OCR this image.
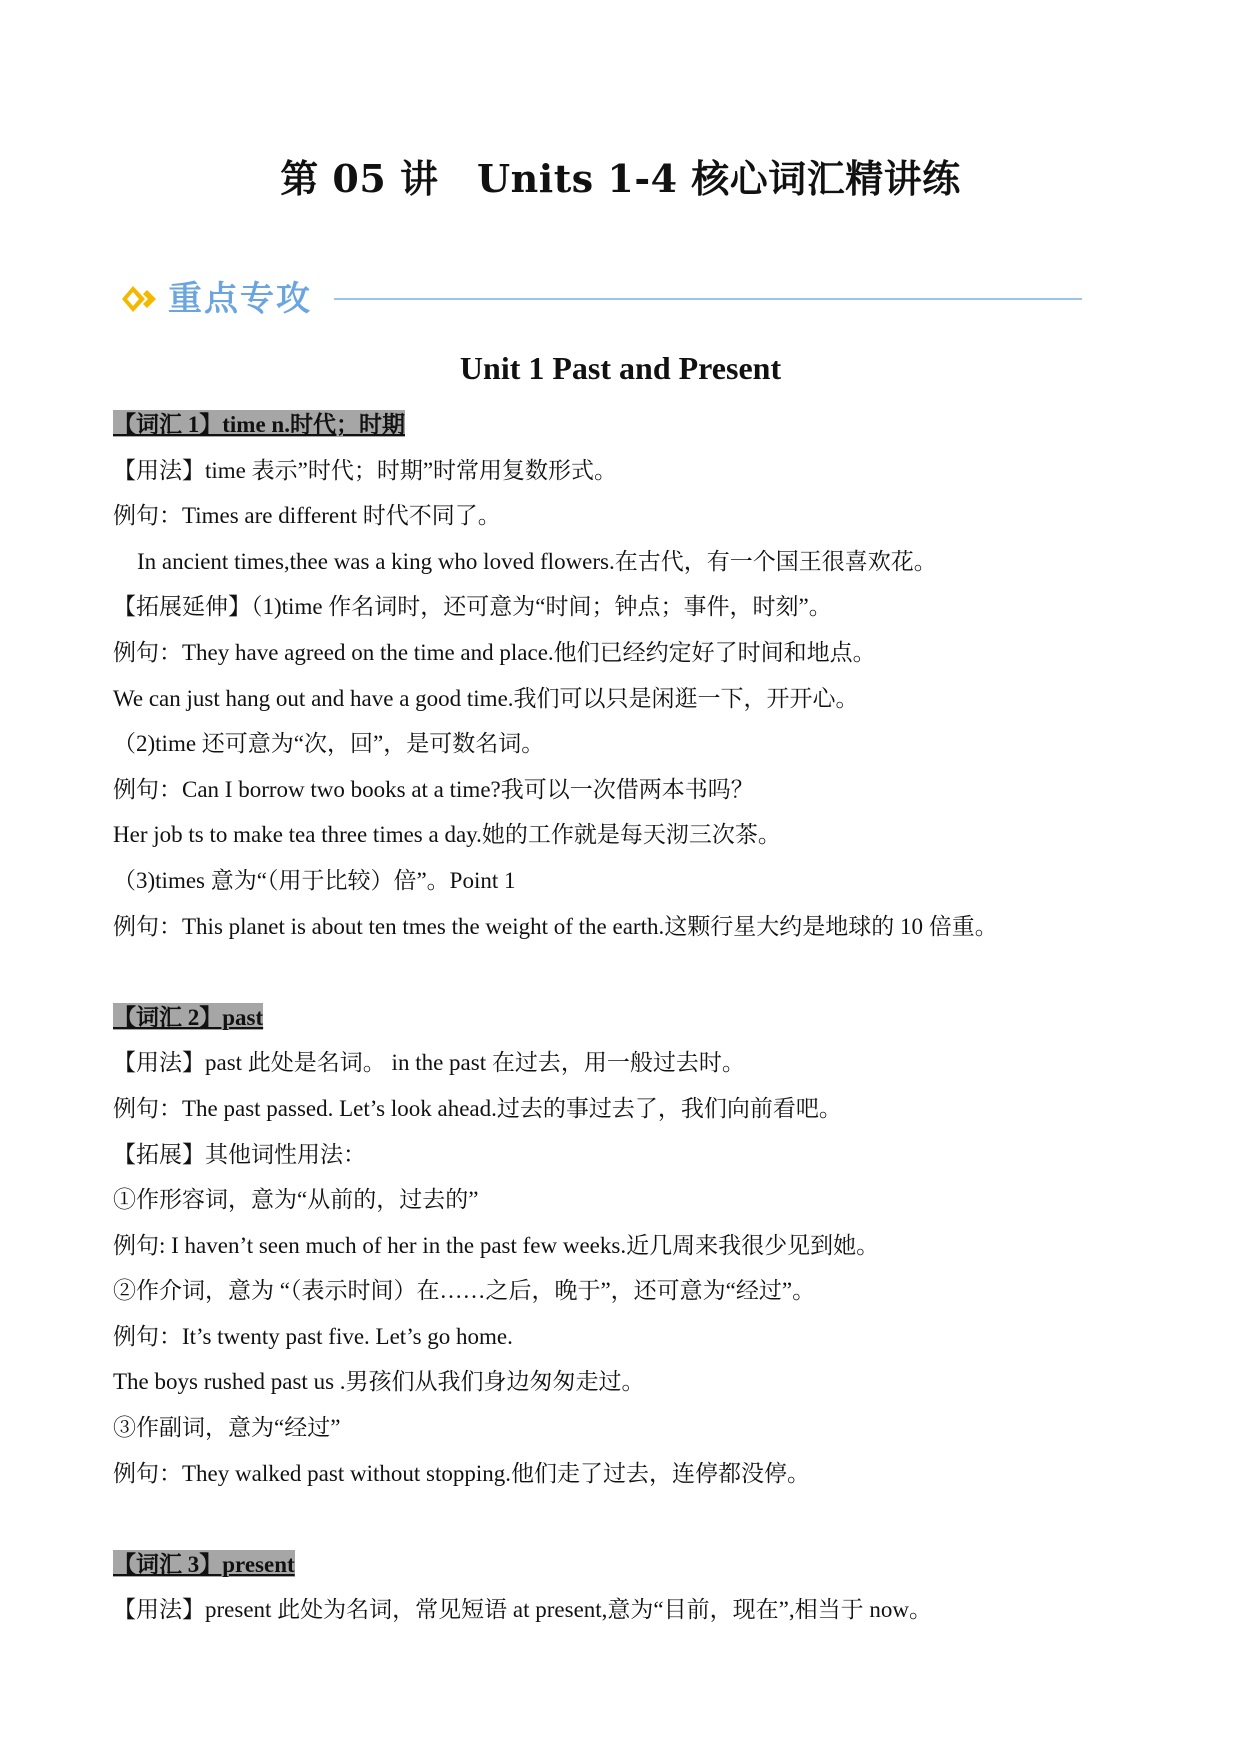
第 05 讲　Units 1-4 核心词汇精讲练
重点专攻
Unit 1 Past and Present
【词汇 1】time n.时代；时期
【用法】time 表示”时代；时期”时常用复数形式。
例句：Times are different 时代不同了。
In ancient times,thee was a king who loved flowers.在古代，有一个国王很喜欢花。
【拓展延伸】（1)time 作名词时，还可意为“时间；钟点；事件，时刻”。
例句：They have agreed on the time and place.他们已经约定好了时间和地点。
We can just hang out and have a good time.我们可以只是闲逛一下，开开心。
（2)time 还可意为“次，回”，是可数名词。
例句：Can I borrow two books at a time?我可以一次借两本书吗？
Her job ts to make tea three times a day.她的工作就是每天沏三次茶。
（3)times 意为“（用于比较）倍”。Point 1
例句：This planet is about ten tmes the weight of the earth.这颗行星大约是地球的 10 倍重。
【词汇 2】past
【用法】past 此处是名词。 in the past 在过去，用一般过去时。
例句：The past passed. Let’s look ahead.过去的事过去了，我们向前看吧。
【拓展】其他词性用法：
①作形容词，意为“从前的，过去的”
例句: I haven’t seen much of her in the past few weeks.近几周来我很少见到她。
②作介词，意为 “（表示时间）在……之后，晚于”，还可意为“经过”。
例句：It’s twenty past five. Let’s go home.
The boys rushed past us .男孩们从我们身边匆匆走过。
③作副词，意为“经过”
例句：They walked past without stopping.他们走了过去，连停都没停。
【词汇 3】present
【用法】present 此处为名词，常见短语 at present,意为“目前，现在”,相当于 now。
